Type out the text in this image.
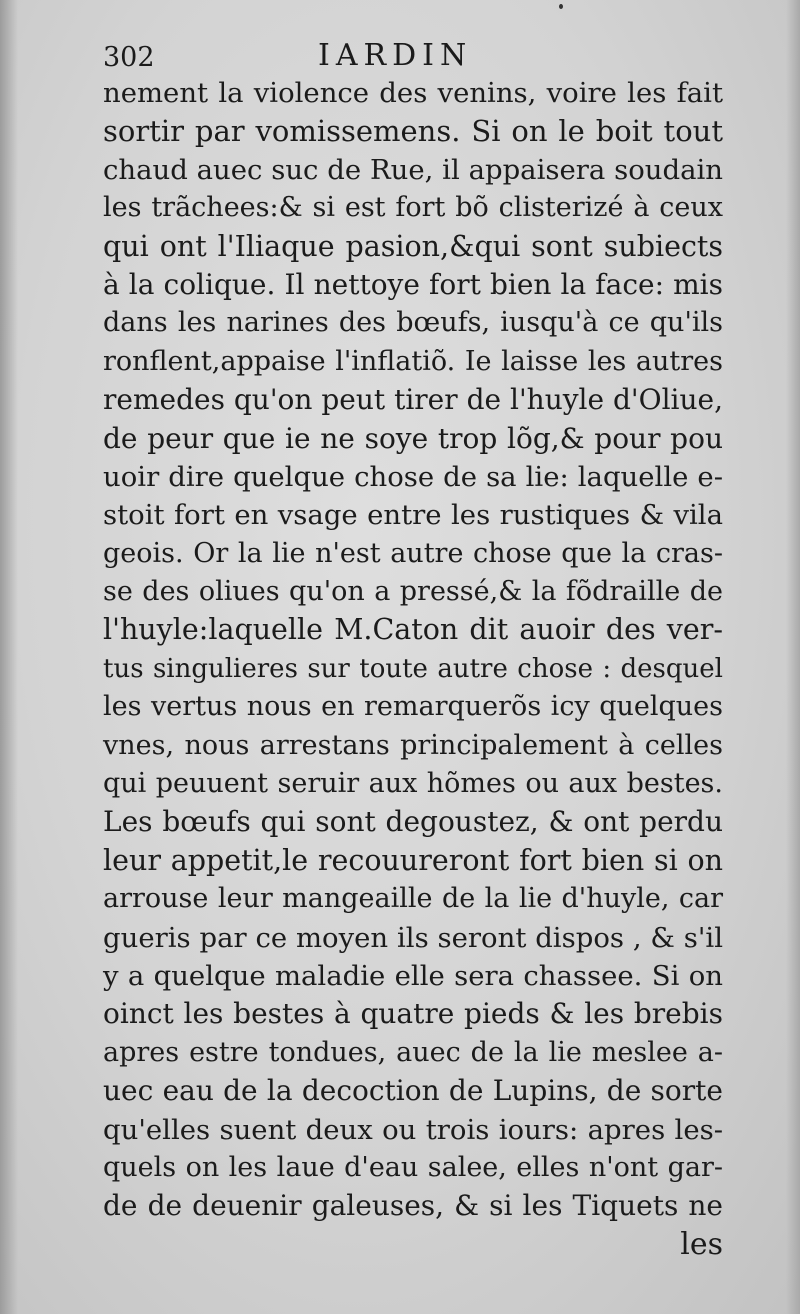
302	IARDIN
nement la violence des venins, voire les fait
sortir par vomissemens. Si on le boit tout
chaud auec suc de Rue, il appaisera soudain
les trãchees:& si est fort bõ clisterizé à ceux
qui ont l'Iliaque pasion,&qui sont subiects
à la colique. Il nettoye fort bien la face: mis
dans les narines des bœufs, iusqu'à ce qu'ils
ronflent,appaise l'inflatiõ. Ie laisse les autres
remedes qu'on peut tirer de l'huyle d'Oliue,
de peur que ie ne soye trop lõg,& pour pou
uoir dire quelque chose de sa lie: laquelle e-
stoit fort en vsage entre les rustiques & vila
geois. Or la lie n'est autre chose que la cras-
se des oliues qu'on a pressé,& la fõdraille de
l'huyle:laquelle M.Caton dit auoir des ver-
tus singulieres sur toute autre chose : desquel
les vertus nous en remarquerõs icy quelques
vnes, nous arrestans principalement à celles
qui peuuent seruir aux hõmes ou aux bestes.
Les bœufs qui sont degoustez, & ont perdu
leur appetit,le recouureront fort bien si on
arrouse leur mangeaille de la lie d'huyle, car
gueris par ce moyen ils seront dispos , & s'il
y a quelque maladie elle sera chassee. Si on
oinct les bestes à quatre pieds & les brebis
apres estre tondues, auec de la lie meslee a-
uec eau de la decoction de Lupins, de sorte
qu'elles suent deux ou trois iours: apres les-
quels on les laue d'eau salee, elles n'ont gar-
de de deuenir galeuses, & si les Tiquets ne
les
